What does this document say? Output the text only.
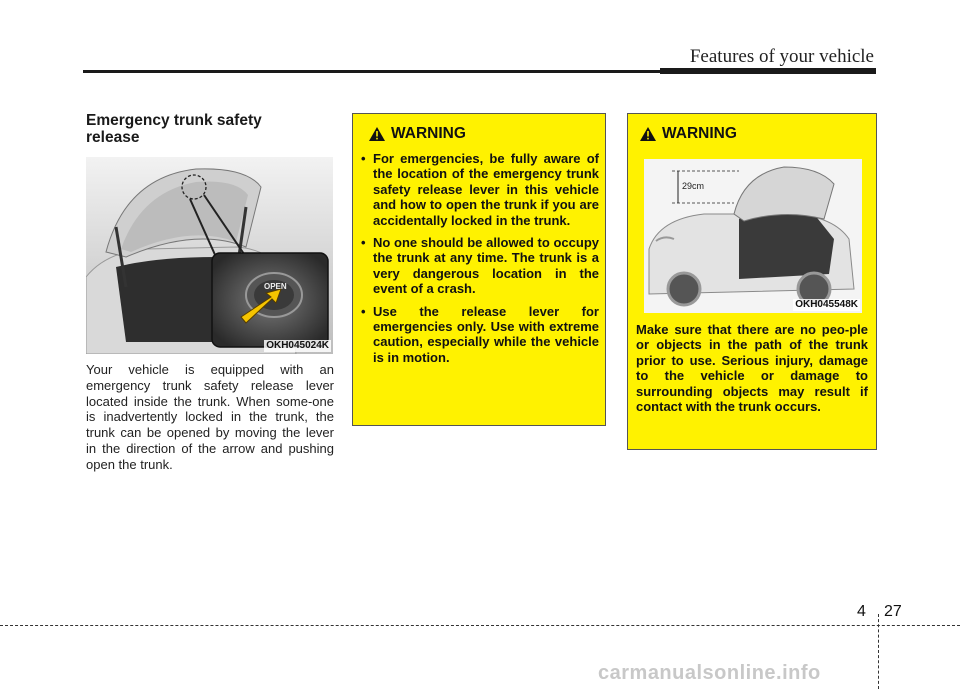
Features of your vehicle
Emergency trunk safety release
OPEN
OKH045024K
Your vehicle is equipped with an emergency trunk safety release lever located inside the trunk. When some-one is inadvertently locked in the trunk, the trunk can be opened by moving the lever in the direction of the arrow and pushing open the trunk.
WARNING
• For emergencies, be fully aware of the location of the emergency trunk safety release lever in this vehicle and how to open the trunk if you are accidentally locked in the trunk.
• No one should be allowed to occupy the trunk at any time. The trunk is a very dangerous location in the event of a crash.
• Use the release lever for emergencies only. Use with extreme caution, especially while the vehicle is in motion.
WARNING
29cm
OKH045548K
Make sure that there are no peo-ple or objects in the path of the trunk prior to use. Serious injury, damage to the vehicle or damage to surrounding objects may result if contact with the trunk occurs.
4 27
carmanualsonline.info
